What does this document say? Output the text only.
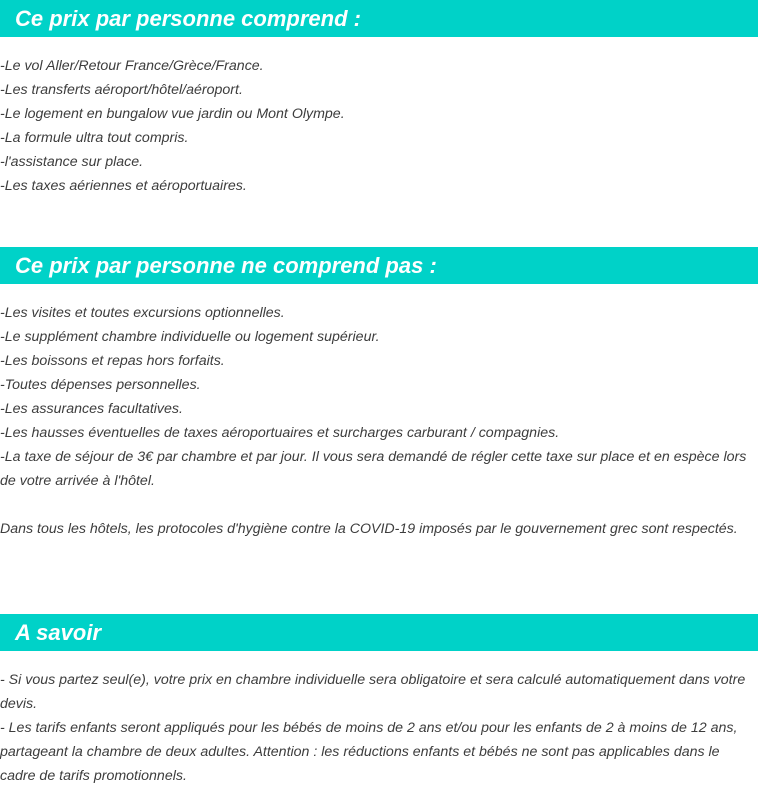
Ce prix par personne comprend :
-Le vol Aller/Retour France/Grèce/France.
-Les transferts aéroport/hôtel/aéroport.
-Le logement en bungalow vue jardin ou Mont Olympe.
-La formule ultra tout compris.
-l'assistance sur place.
-Les taxes aériennes et aéroportuaires.
Ce prix par personne ne comprend pas :
-Les visites et toutes excursions optionnelles.
-Le supplément chambre individuelle ou logement supérieur.
-Les boissons et repas hors forfaits.
-Toutes dépenses personnelles.
-Les assurances facultatives.
-Les hausses éventuelles de taxes aéroportuaires et surcharges carburant / compagnies.
-La taxe de séjour de 3€ par chambre et par jour. Il vous sera demandé de régler cette taxe sur place et en espèce lors de votre arrivée à l'hôtel.

Dans tous les hôtels, les protocoles d'hygiène contre la COVID-19 imposés par le gouvernement grec sont respectés.

A savoir
- Si vous partez seul(e), votre prix en chambre individuelle sera obligatoire et sera calculé automatiquement dans votre devis.
- Les tarifs enfants seront appliqués pour les bébés de moins de 2 ans et/ou pour les enfants de 2 à moins de 12 ans, partageant la chambre de deux adultes. Attention : les réductions enfants et bébés ne sont pas applicables dans le cadre de tarifs promotionnels.
